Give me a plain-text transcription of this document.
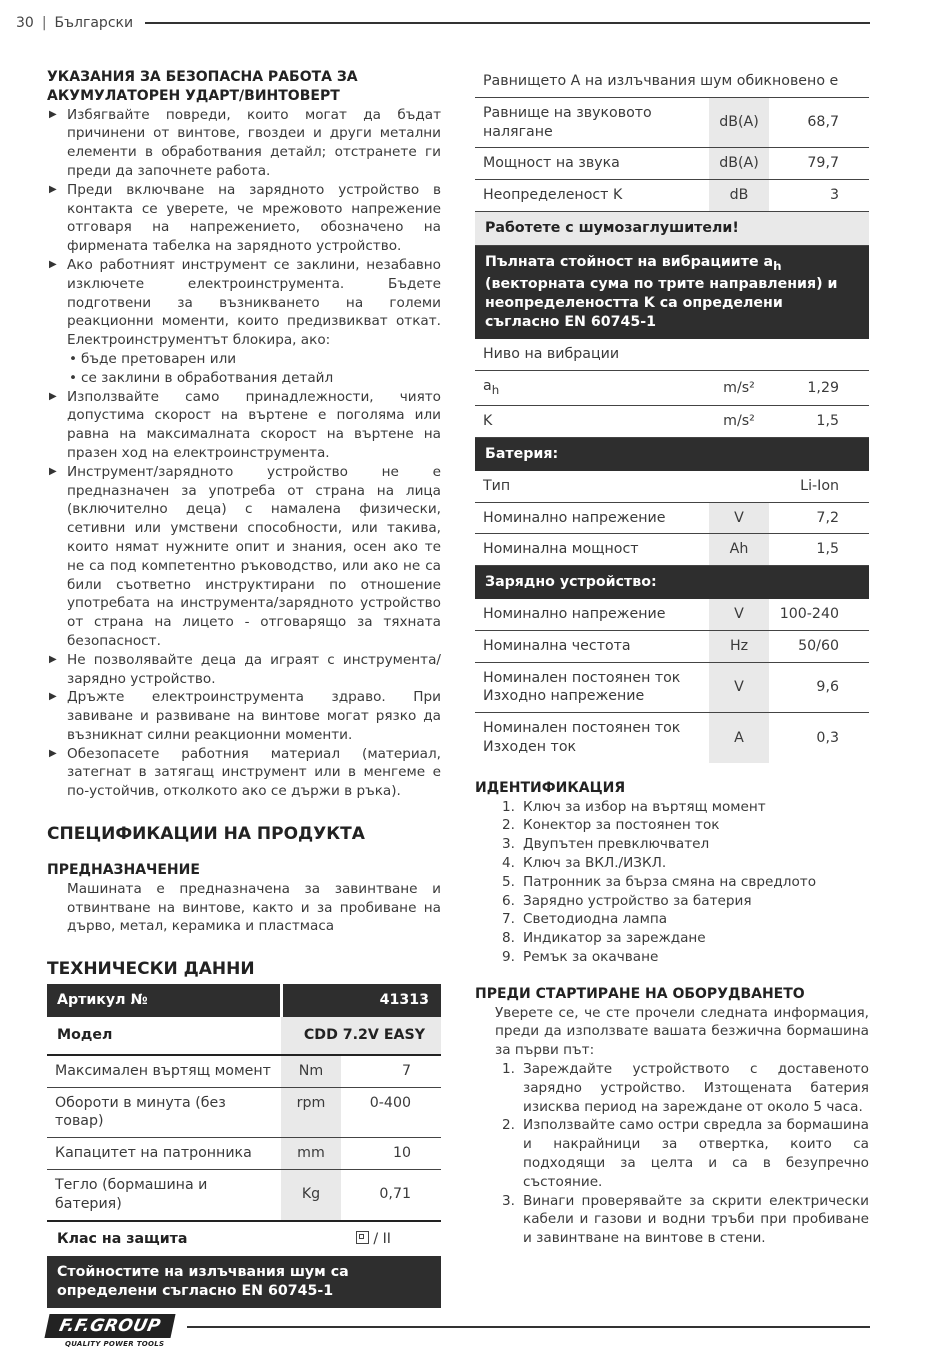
30 | Български
УКАЗАНИЯ ЗА БЕЗОПАСНА РАБОТА ЗА АКУМУЛАТОРЕН УДАРТ/ВИНТОВЕРТ
▶ Избягвайте повреди, които могат да бъдат причинени от винтове, гвоздеи и други метални елементи в обработвания детайл; отстранете ги преди да започнете работа.
▶ Преди включване на зарядното устройство в контакта се уверете, че мрежовото напрежение отговаря на напрежението, обозначено на фирмената табелка на зарядното устройство.
▶ Ако работният инструмент се заклини, незабавно изключете електроинструмента. Бъдете подготвени за възникването на големи реакционни моменти, които предизвикват откат. Електроинструментът блокира, ако:
• бъде претоварен или
• се заклини в обработвания детайл
▶ Използвайте само принадлежности, чиято допустима скорост на въртене е поголяма или равна на максималната скорост на въртене на празен ход на електроинструмента.
▶ Инструмент/зарядното устройство не е предназначен за употреба от страна на лица (включително деца) с намалена физически, сетивни или умствени способности, или такива, които нямат нужните опит и знания, осен ако те не са под компетентно ръководство, или ако не са били съответно инструктирани по отношение употребата на инструмента/зарядното устройство от страна на лицето - отговарящо за тяхната безопасност.
▶ Не позволявайте деца да играят с инструмента/ зарядно устройство.
▶ Дръжте електроинструмента здраво. При завиване и развиване на винтове могат рязко да възникнат силни реакционни моменти.
▶ Обезопасете работния материал (материал, затегнат в затягащ инструмент или в менгеме е по-устойчив, отколкото ако се държи в ръка).
СПЕЦИФИКАЦИИ НА ПРОДУКТА
ПРЕДНАЗНАЧЕНИЕ

Машината е предназначена за завинтване и отвинтване на винтове, както и за пробиване на дърво, метал, керамика и пластмаса

ТЕХНИЧЕСКИ ДАННИ
Артикул №	41313	
Модел	CDD 7.2V EASY	
Максимален въртящ момент	Nm	7
Обороти в минута (без товар)	rpm	0-400
Капацитет на патронника	mm	10
Тегло (бормашина и батерия)	Kg	0,71
Клас на защита	/ II	
Стойностите на излъчвания шум са определени съгласно EN 60745-1		
Равнището А на излъчвания шум обикновено е		
Равнище на звуковото налягане	dB(A)	68,7
Мощност на звука	dB(A)	79,7
Неопределеност K	dB	3
Работете с шумозаглушители!		
Пълната стойност на вибрациите $a_h$ (векторната сума по трите направления) и неопределеността K са определени съгласно EN 60745-1		
Ниво на вибрации		
$a_h$	m/s²	1,29
K	m/s²	1,5
Батерия:		
Тип		Li-Ion
Номинално напрежение	V	7,2
Номинална мощност	Ah	1,5
Зарядно устройство:		
Номинално напрежение	V	100-240
Номинална честота	Hz	50/60
Номинален постоянен ток Изходно напрежение	V	9,6
Номинален постоянен ток Изходен ток	A	0,3
ИДЕНТИФИКАЦИЯ
1. Ключ за избор на въртящ момент
2. Конектор за постоянен ток
3. Двупътен превключвател
4. Ключ за ВКЛ./ИЗКЛ.
5. Патронник за бърза смяна на свредлото
6. Зарядно устройство за батерия
7. Светодиодна лампа
8. Индикатор за зареждане
9. Ремък за окачване
ПРЕДИ СТАРТИРАНЕ НА ОБОРУДВАНЕТО

Уверете се, че сте прочели следната информация, преди да използвате вашата безжична бормашина за първи път:

1. Зареждайте устройството с доставеното зарядно устройство. Изтощената батерия изисква период на зареждане от около 5 часа.
2. Използвайте само остри свредла за бормашина и накрайници за отвертка, които са подходящи за целта и са в безупречно състояние.
3. Винаги проверявайте за скрити електрически кабели и газови и водни тръби при пробиване и завинтване на винтове в стени.
F.F.GROUP
QUALITY POWER TOOLS
